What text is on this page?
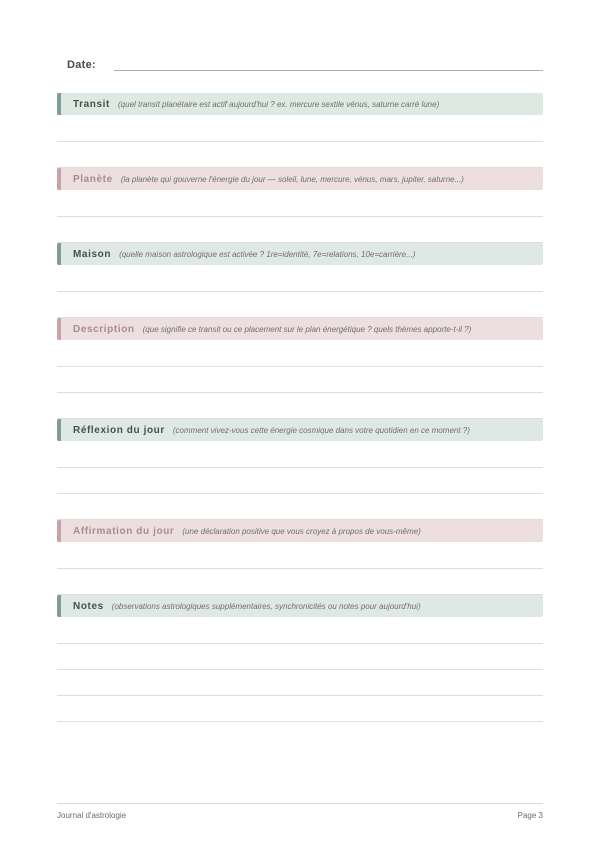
Date:
Transit (quel transit planétaire est actif aujourd'hui ? ex. mercure sextile vénus, saturne carré lune)
Planète (la planète qui gouverne l'énergie du jour — soleil, lune, mercure, vénus, mars, jupiter, saturne...)
Maison (quelle maison astrologique est activée ? 1re=identité, 7e=relations, 10e=carrière...)
Description (que signifie ce transit ou ce placement sur le plan énergétique ? quels thèmes apporte-t-il ?)
Réflexion du jour (comment vivez-vous cette énergie cosmique dans votre quotidien en ce moment ?)
Affirmation du jour (une déclaration positive que vous croyez à propos de vous-même)
Notes (observations astrologiques supplémentaires, synchronicités ou notes pour aujourd'hui)
Journal d'astrologie	Page 3
